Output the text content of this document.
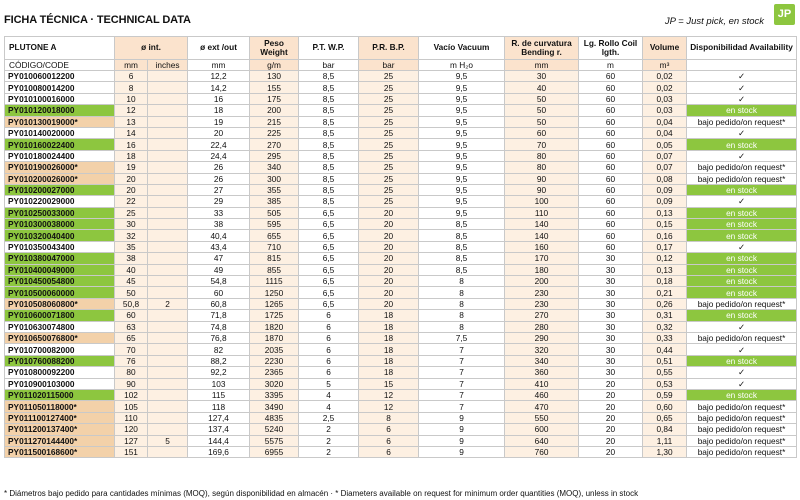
FICHA TÉCNICA · TECHNICAL DATA	JP = Just pick, en stock
JP
PLUTONE A	ø int.		ø ext /out	Peso Weight	P.T. W.P.	P.R. B.P.	Vacío Vacuum	R. de curvatura Bending r.	Lg. Rollo Coil lgth.	Volume	Disponibilidad Availability
CÓDIGO/CODE	mm	inches	mm	g/m	bar	bar	m H₂o	mm	m	m³	
PY010060012200	6		12,2	130	8,5	25	9,5	30	60	0,02	✓
PY010080014200	8		14,2	155	8,5	25	9,5	40	60	0,02	✓
PY010100016000	10		16	175	8,5	25	9,5	50	60	0,03	✓
PY010120018000	12		18	200	8,5	25	9,5	50	60	0,03	en stock
PY010130019000*	13		19	215	8,5	25	9,5	50	60	0,04	bajo pedido/on request*
PY010140020000	14		20	225	8,5	25	9,5	60	60	0,04	✓
PY010160022400	16		22,4	270	8,5	25	9,5	70	60	0,05	en stock
PY010180024400	18		24,4	295	8,5	25	9,5	80	60	0,07	✓
PY010190026000*	19		26	340	8,5	25	9,5	80	60	0,07	bajo pedido/on request*
PY010200026000*	20		26	300	8,5	25	9,5	90	60	0,08	bajo pedido/on request*
PY010200027000	20		27	355	8,5	25	9,5	90	60	0,09	en stock
PY010220029000	22		29	385	8,5	25	9,5	100	60	0,09	✓
PY010250033000	25		33	505	6,5	20	9,5	110	60	0,13	en stock
PY010300038000	30		38	595	6,5	20	8,5	140	60	0,15	en stock
PY010320040400	32		40,4	655	6,5	20	8,5	140	60	0,16	en stock
PY010350043400	35		43,4	710	6,5	20	8,5	160	60	0,17	✓
PY010380047000	38		47	815	6,5	20	8,5	170	30	0,12	en stock
PY010400049000	40		49	855	6,5	20	8,5	180	30	0,13	en stock
PY010450054800	45		54,8	1115	6,5	20	8	200	30	0,18	en stock
PY010500060000	50		60	1250	6,5	20	8	230	30	0,21	en stock
PY010508060800*	50,8	2	60,8	1265	6,5	20	8	230	30	0,26	bajo pedido/on request*
PY010600071800	60		71,8	1725	6	18	8	270	30	0,31	en stock
PY010630074800	63		74,8	1820	6	18	8	280	30	0,32	✓
PY010650076800*	65		76,8	1870	6	18	7,5	290	30	0,33	bajo pedido/on request*
PY010700082000	70		82	2035	6	18	7	320	30	0,44	✓
PY010760088200	76		88,2	2230	6	18	7	340	30	0,51	en stock
PY010800092200	80		92,2	2365	6	18	7	360	30	0,55	✓
PY010900103000	90		103	3020	5	15	7	410	20	0,53	✓
PY011020115000	102		115	3395	4	12	7	460	20	0,59	en stock
PY011050118000*	105		118	3490	4	12	7	470	20	0,60	bajo pedido/on request*
PY011100127400*	110		127,4	4835	2,5	8	9	550	20	0,65	bajo pedido/on request*
PY011200137400*	120		137,4	5240	2	6	9	600	20	0,84	bajo pedido/on request*
PY011270144400*	127	5	144,4	5575	2	6	9	640	20	1,11	bajo pedido/on request*
PY011500168600*	151		169,6	6955	2	6	9	760	20	1,30	bajo pedido/on request*
* Diámetros bajo pedido para cantidades mínimas (MOQ), según disponibilidad en almacén · * Diameters available on request for minimum order quantities (MOQ), unless in stock
